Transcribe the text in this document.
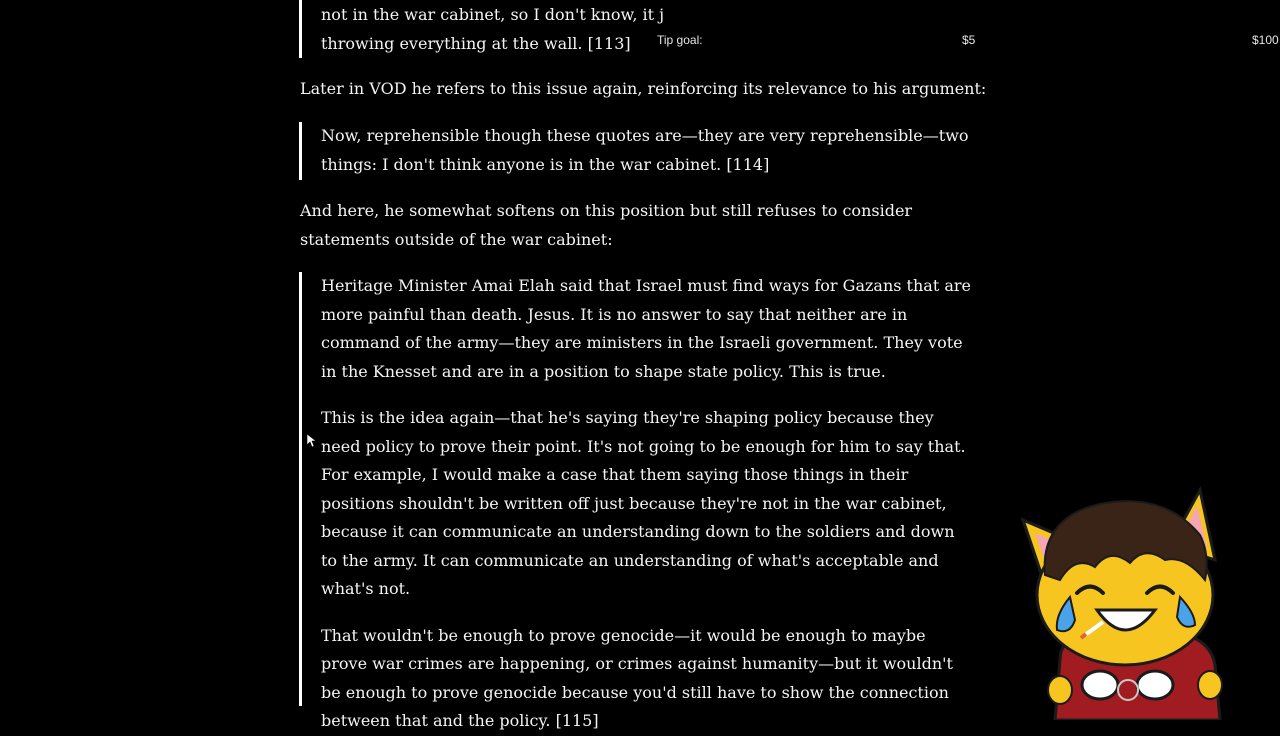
not in the war cabinet, so I don't know, it j
throwing everything at the wall. [113]	Tip goal:	$5	$100

Later in VOD he refers to this issue again, reinforcing its relevance to his argument:

Now, reprehensible though these quotes are—they are very reprehensible—two things: I don't think anyone is in the war cabinet. [114]

And here, he somewhat softens on this position but still refuses to consider statements outside of the war cabinet:

Heritage Minister Amai Elah said that Israel must find ways for Gazans that are more painful than death. Jesus. It is no answer to say that neither are in command of the army—they are ministers in the Israeli government. They vote in the Knesset and are in a position to shape state policy. This is true.

This is the idea again—that he's saying they're shaping policy because they need policy to prove their point. It's not going to be enough for him to say that. For example, I would make a case that them saying those things in their positions shouldn't be written off just because they're not in the war cabinet, because it can communicate an understanding down to the soldiers and down to the army. It can communicate an understanding of what's acceptable and what's not.

That wouldn't be enough to prove genocide—it would be enough to maybe prove war crimes are happening, or crimes against humanity—but it wouldn't be enough to prove genocide because you'd still have to show the connection between that and the policy. [115]
